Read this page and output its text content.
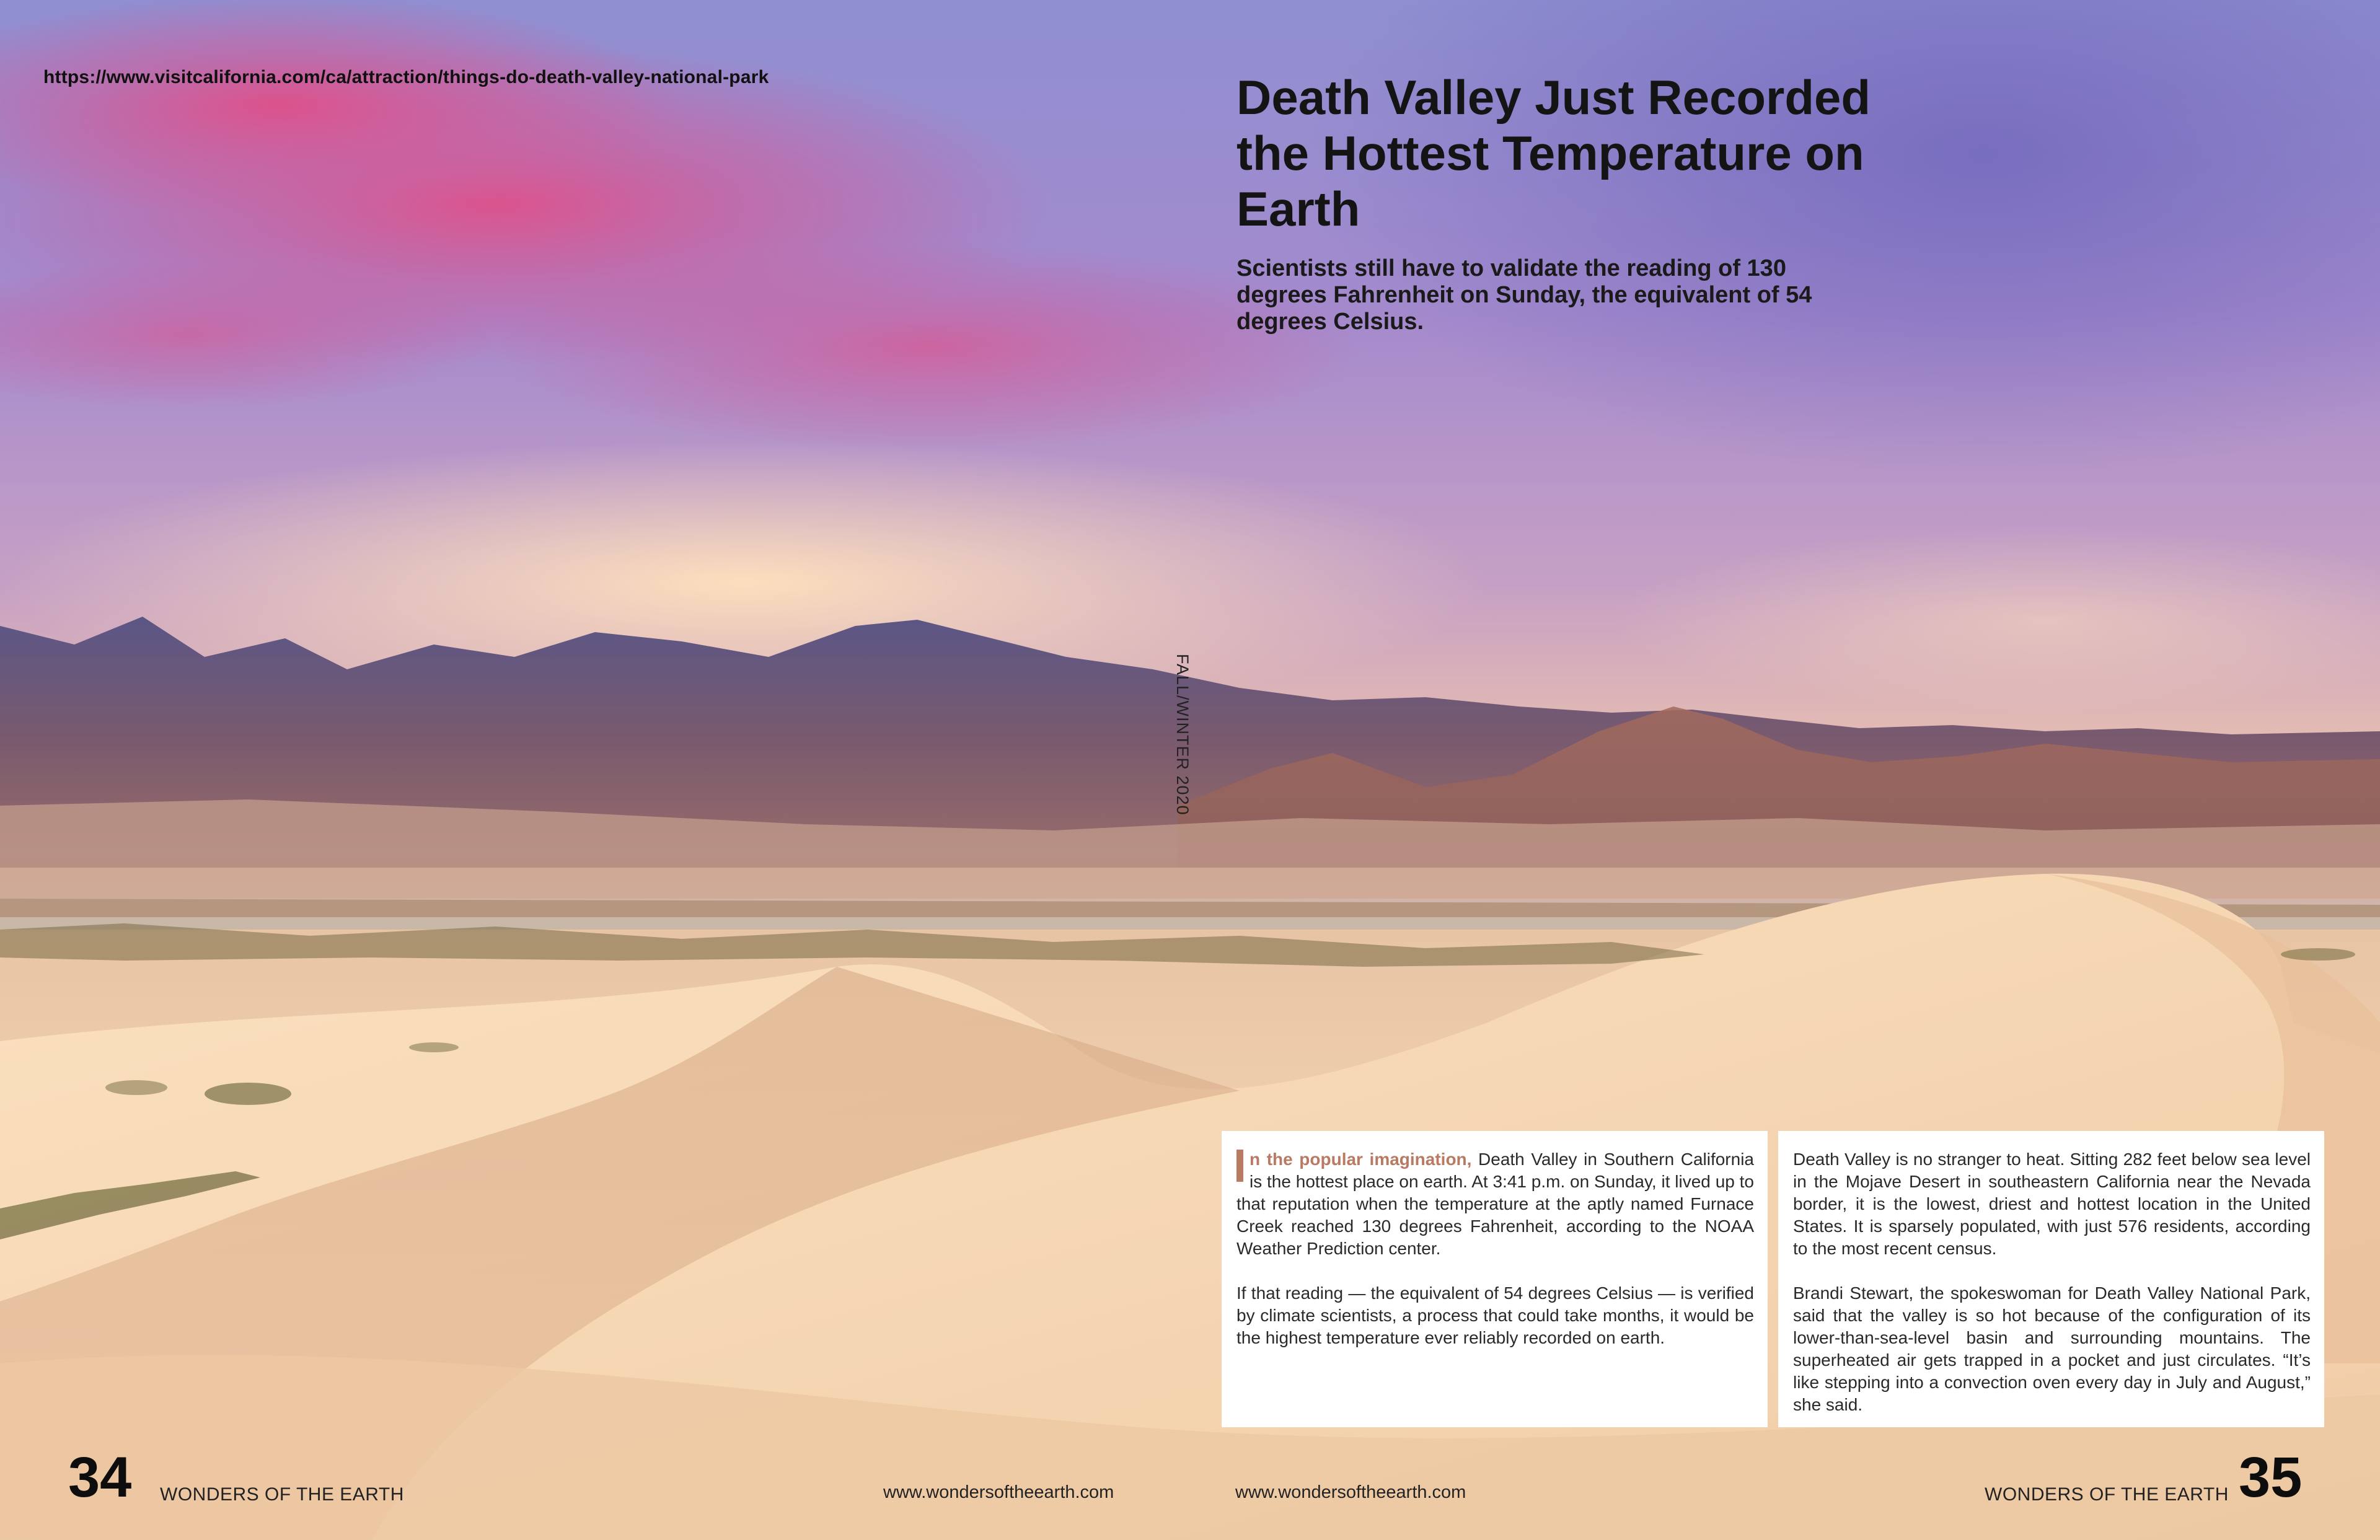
https://www.visitcalifornia.com/ca/attraction/things-do-death-valley-national-park	Death Valley Just Recorded the Hottest Temperature on Earth
Scientists still have to validate the reading of 130 degrees Fahrenheit on Sunday, the equivalent of 54 degrees Celsius.
FALL/WINTER 2020

n the popular imagination, Death Valley in Southern California is the hottest place on earth. At 3:41 p.m. on Sunday, it lived up to that reputation when the temperature at the aptly named Furnace Creek reached 130 degrees Fahrenheit, according to the NOAA Weather Prediction center.

If that reading — the equivalent of 54 degrees Celsius — is verified by climate scientists, a process that could take months, it would be the highest temperature ever reliably recorded on earth.

Death Valley is no stranger to heat. Sitting 282 feet below sea level in the Mojave Desert in southeastern California near the Nevada border, it is the lowest, driest and hottest location in the United States. It is sparsely populated, with just 576 residents, according to the most recent census.

Brandi Stewart, the spokeswoman for Death Valley National Park, said that the valley is so hot because of the configuration of its lower-than-sea-level basin and surrounding mountains. The superheated air gets trapped in a pocket and just circulates. “It’s like stepping into a convection oven every day in July and August,” she said.

34 WONDERS OF THE EARTH	www.wondersoftheearth.com	www.wondersoftheearth.com	WONDERS OF THE EARTH 35
